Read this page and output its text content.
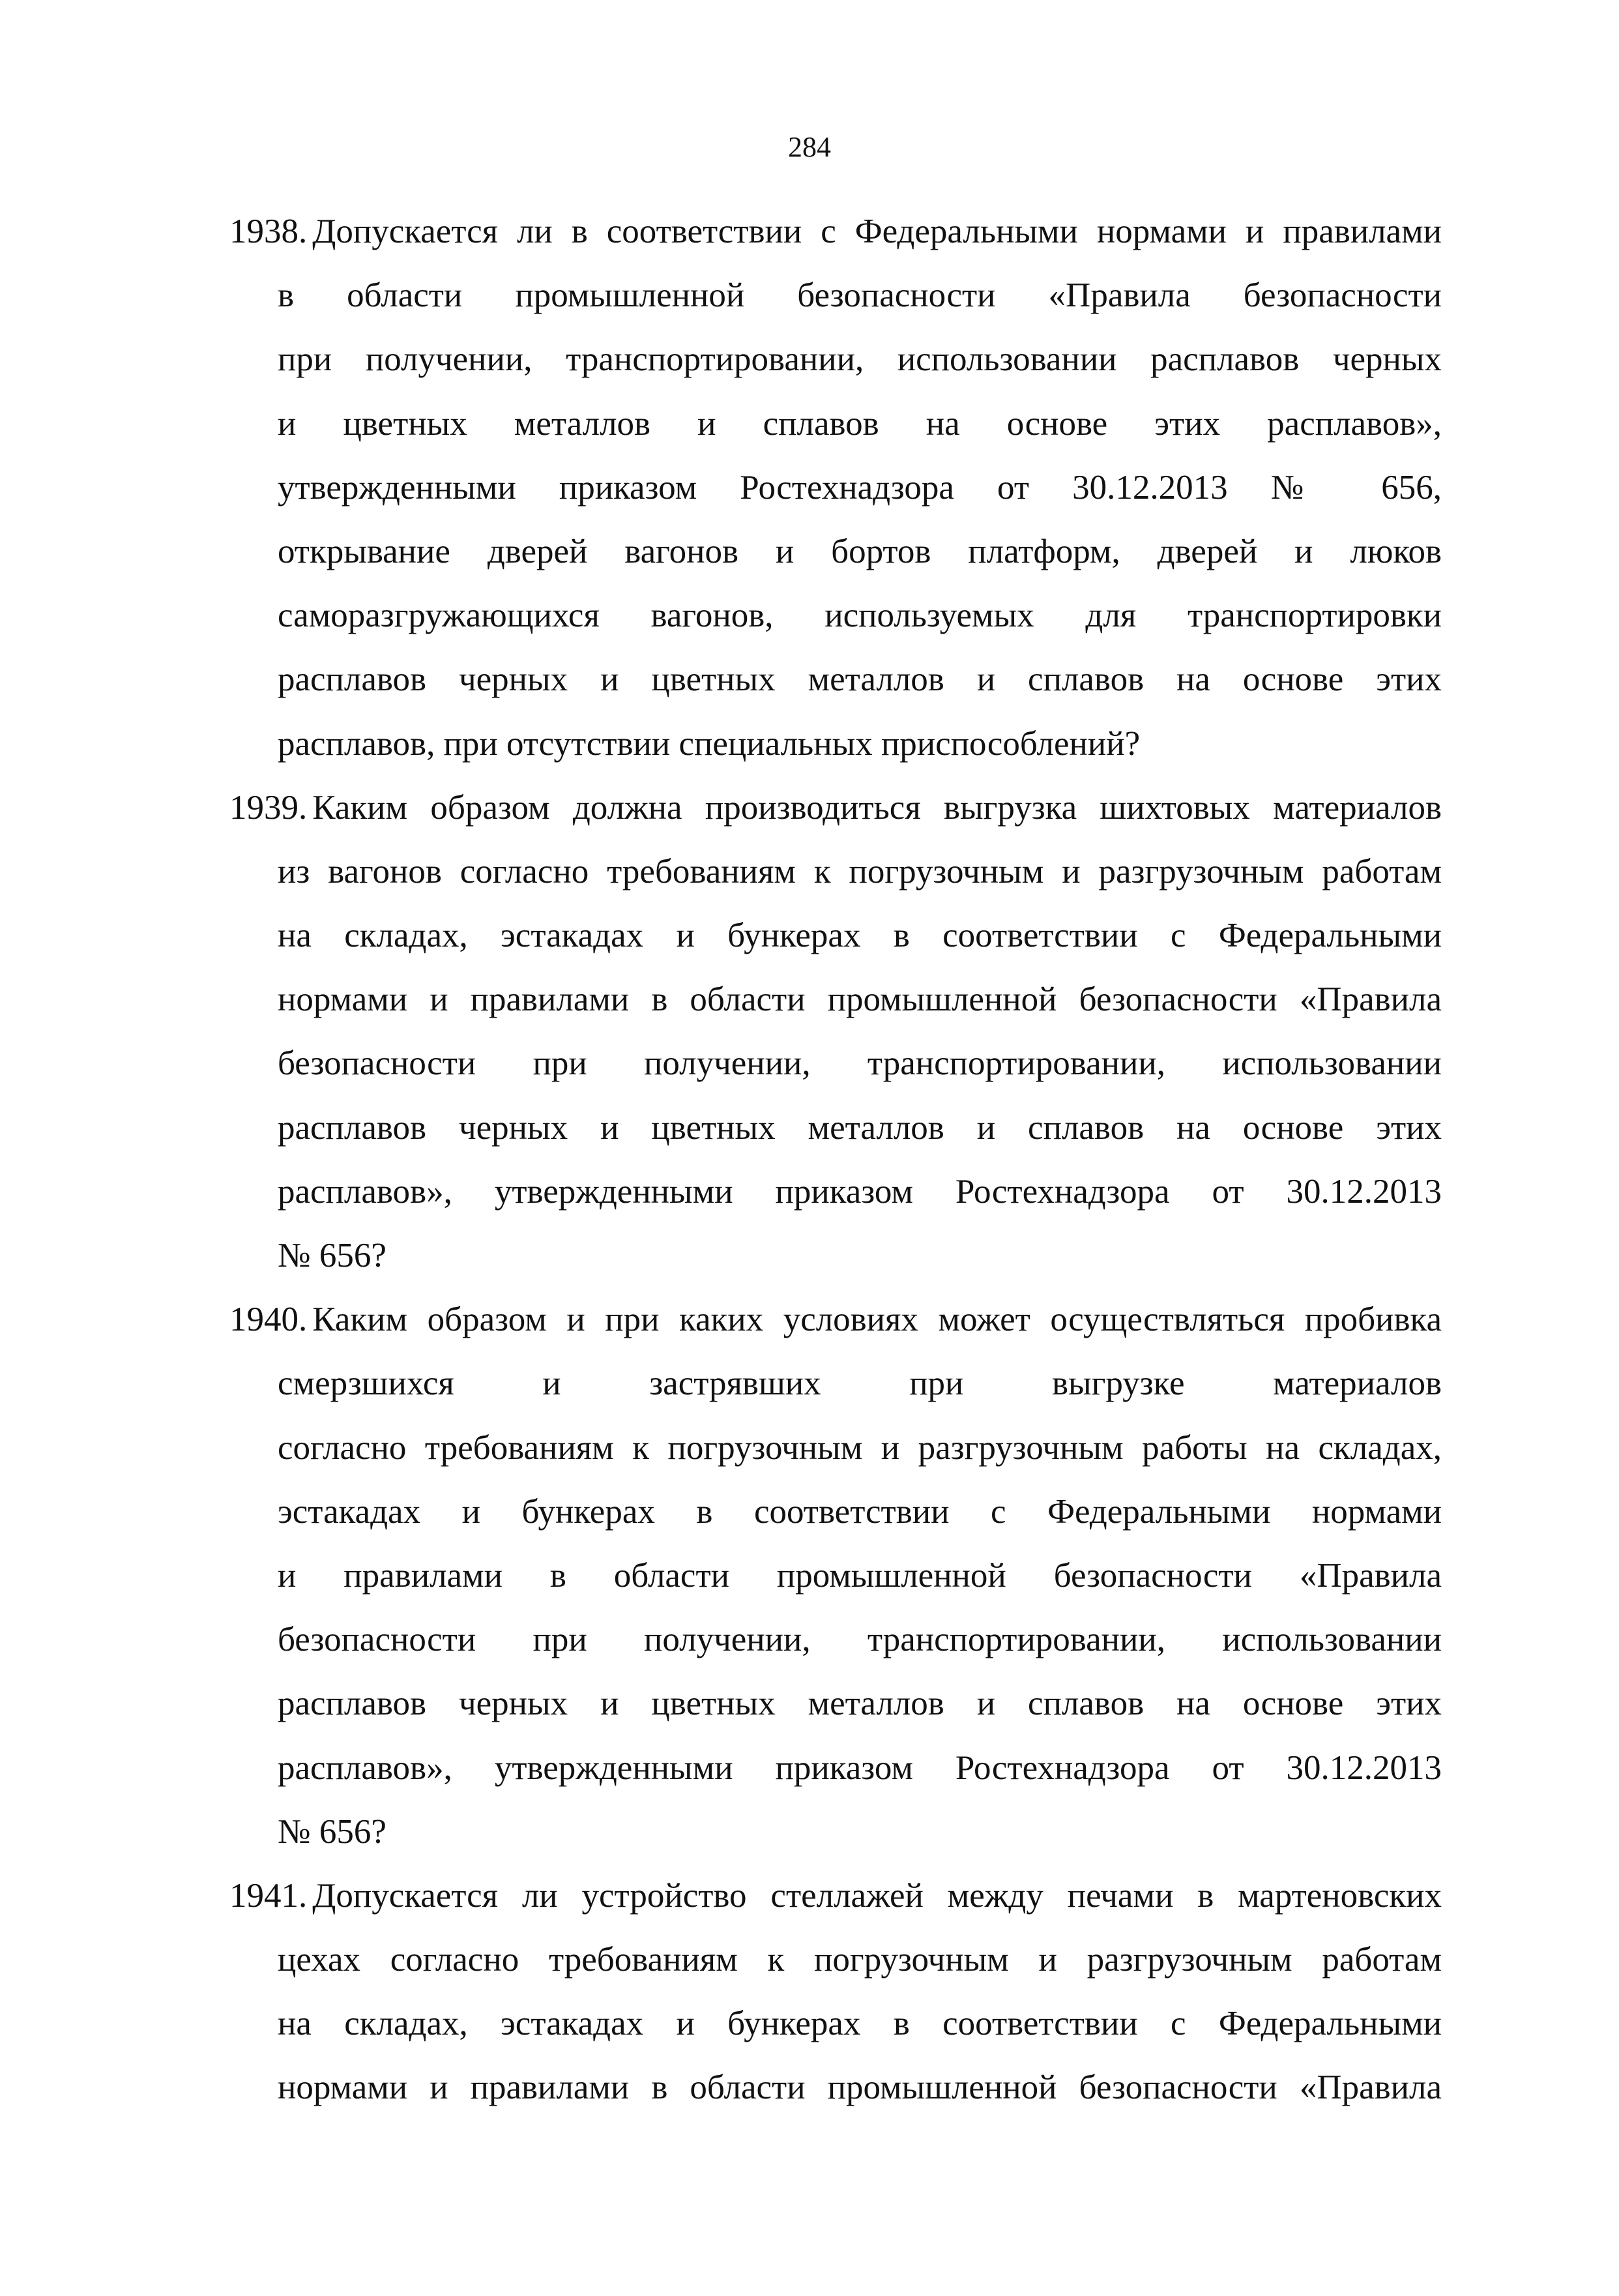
284
1938. Допускается ли в соответствии с Федеральными нормами и правилами
в области промышленной безопасности «Правила безопасности
при получении, транспортировании, использовании расплавов черных
и цветных металлов и сплавов на основе этих расплавов»,
утвержденными приказом Ростехнадзора от 30.12.2013 № 656,
открывание дверей вагонов и бортов платформ, дверей и люков
саморазгружающихся вагонов, используемых для транспортировки
расплавов черных и цветных металлов и сплавов на основе этих
расплавов, при отсутствии специальных приспособлений?
1939. Каким образом должна производиться выгрузка шихтовых материалов
из вагонов согласно требованиям к погрузочным и разгрузочным работам
на складах, эстакадах и бункерах в соответствии с Федеральными
нормами и правилами в области промышленной безопасности «Правила
безопасности при получении, транспортировании, использовании
расплавов черных и цветных металлов и сплавов на основе этих
расплавов», утвержденными приказом Ростехнадзора от 30.12.2013
№ 656?
1940. Каким образом и при каких условиях может осуществляться пробивка
смерзшихся и застрявших при выгрузке материалов
согласно требованиям к погрузочным и разгрузочным работы на складах,
эстакадах и бункерах в соответствии с Федеральными нормами
и правилами в области промышленной безопасности «Правила
безопасности при получении, транспортировании, использовании
расплавов черных и цветных металлов и сплавов на основе этих
расплавов», утвержденными приказом Ростехнадзора от 30.12.2013
№ 656?
1941. Допускается ли устройство стеллажей между печами в мартеновских
цехах согласно требованиям к погрузочным и разгрузочным работам
на складах, эстакадах и бункерах в соответствии с Федеральными
нормами и правилами в области промышленной безопасности «Правила
